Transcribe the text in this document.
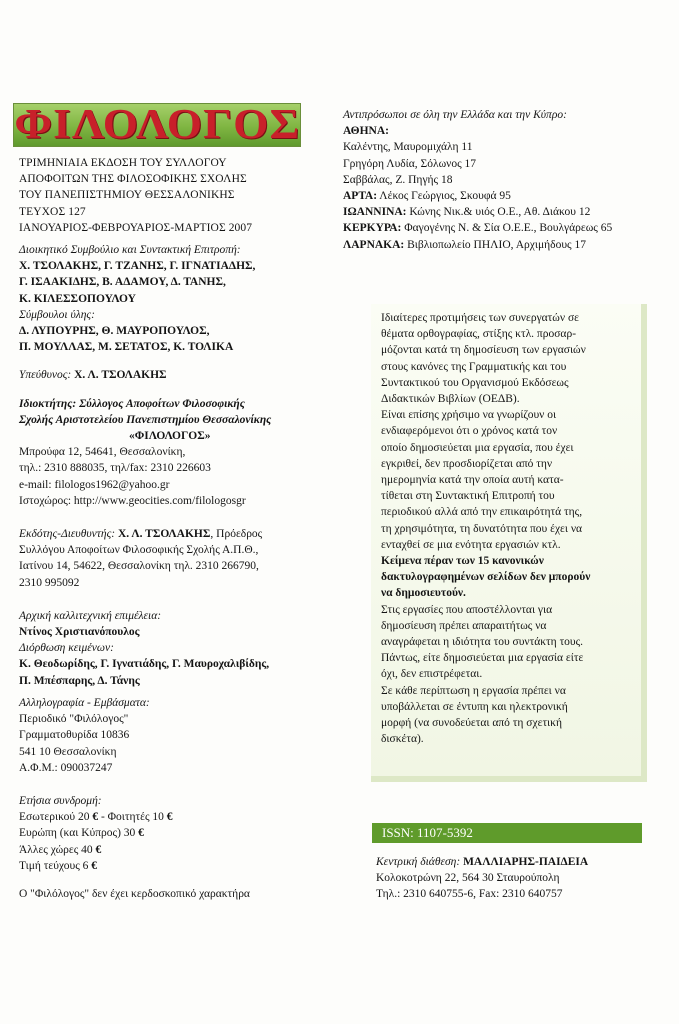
ΦΙΛΟΛΟΓΟΣ
ΤΡΙΜΗΝΙΑΙΑ ΕΚΔΟΣΗ ΤΟΥ ΣΥΛΛΟΓΟΥ
ΑΠΟΦΟΙΤΩΝ ΤΗΣ ΦΙΛΟΣΟΦΙΚΗΣ ΣΧΟΛΗΣ
ΤΟΥ ΠΑΝΕΠΙΣΤΗΜΙΟΥ ΘΕΣΣΑΛΟΝΙΚΗΣ
ΤΕΥΧΟΣ 127
ΙΑΝΟΥΑΡΙΟΣ-ΦΕΒΡΟΥΑΡΙΟΣ-ΜΑΡΤΙΟΣ 2007
Διοικητικό Συμβούλιο και Συντακτική Επιτροπή:
Χ. ΤΣΟΛΑΚΗΣ, Γ. ΤΖΑΝΗΣ, Γ. ΙΓΝΑΤΙΑΔΗΣ,
Γ. ΙΣΑΑΚΙΔΗΣ, Β. ΑΔΑΜΟΥ, Δ. ΤΑΝΗΣ,
Κ. ΚΙΛΕΣΣΟΠΟΥΛΟΥ
Σύμβουλοι ύλης:
Δ. ΛΥΠΟΥΡΗΣ, Θ. ΜΑΥΡΟΠΟΥΛΟΣ,
Π. ΜΟΥΛΛΑΣ, Μ. ΣΕΤΑΤΟΣ, Κ. ΤΟΛΙΚΑ
Υπεύθυνος: Χ. Λ. ΤΣΟΛΑΚΗΣ
Ιδιοκτήτης: Σύλλογος Αποφοίτων Φιλοσοφικής
Σχολής Αριστοτελείου Πανεπιστημίου Θεσσαλονίκης
«ΦΙΛΟΛΟΓΟΣ»
Μπρούφα 12, 54641, Θεσσαλονίκη,
τηλ.: 2310 888035, τηλ/fax: 2310 226603
e-mail: filologos1962@yahoo.gr
Ιστοχώρος: http://www.geocities.com/filologosgr
Εκδότης-Διευθυντής: Χ. Λ. ΤΣΟΛΑΚΗΣ, Πρόεδρος
Συλλόγου Αποφοίτων Φιλοσοφικής Σχολής Α.Π.Θ.,
Ιατίνου 14, 54622, Θεσσαλονίκη τηλ. 2310 266790,
2310 995092
Αρχική καλλιτεχνική επιμέλεια:
Ντίνος Χριστιανόπουλος
Διόρθωση κειμένων:
Κ. Θεοδωρίδης, Γ. Ιγνατιάδης, Γ. Μαυροχαλιβίδης,
Π. Μπέσπαρης, Δ. Τάνης
Αλληλογραφία - Εμβάσματα:
Περιοδικό "Φιλόλογος"
Γραμματοθυρίδα 10836
541 10 Θεσσαλονίκη
Α.Φ.Μ.: 090037247
Ετήσια συνδρομή:
Εσωτερικού 20 € - Φοιτητές 10 €
Ευρώπη (και Κύπρος) 30 €
Άλλες χώρες 40 €
Τιμή τεύχους 6 €
Ο "Φιλόλογος" δεν έχει κερδοσκοπικό χαρακτήρα
Αντιπρόσωποι σε όλη την Ελλάδα και την Κύπρο:
ΑΘΗΝΑ:
Καλέντης, Μαυρομιχάλη 11
Γρηγόρη Λυδία, Σόλωνος 17
Σαββάλας, Ζ. Πηγής 18
ΑΡΤΑ: Λέκος Γεώργιος, Σκουφά 95
ΙΩΑΝΝΙΝΑ: Κώνης Νικ.& υιός Ο.Ε., Αθ. Διάκου 12
ΚΕΡΚΥΡΑ: Φαγογένης Ν. & Σία Ο.Ε.Ε., Βουλγάρεως 65
ΛΑΡΝΑΚΑ: Βιβλιοπωλείο ΠΗΛΙΟ, Αρχιμήδους 17
Ιδιαίτερες προτιμήσεις των συνεργατών σε
θέματα ορθογραφίας, στίξης κτλ. προσαρ-
μόζονται κατά τη δημοσίευση των εργασιών
στους κανόνες της Γραμματικής και του
Συντακτικού του Οργανισμού Εκδόσεως
Διδακτικών Βιβλίων (ΟΕΔΒ).
Είναι επίσης χρήσιμο να γνωρίζουν οι
ενδιαφερόμενοι ότι ο χρόνος κατά τον
οποίο δημοσιεύεται μια εργασία, που έχει
εγκριθεί, δεν προσδιορίζεται από την
ημερομηνία κατά την οποία αυτή κατα-
τίθεται στη Συντακτική Επιτροπή του
περιοδικού αλλά από την επικαιρότητά της,
τη χρησιμότητα, τη δυνατότητα που έχει να
ενταχθεί σε μια ενότητα εργασιών κτλ.
Κείμενα πέραν των 15 κανονικών
δακτυλογραφημένων σελίδων δεν μπορούν
να δημοσιευτούν.
Στις εργασίες που αποστέλλονται για
δημοσίευση πρέπει απαραιτήτως να
αναγράφεται η ιδιότητα του συντάκτη τους.
Πάντως, είτε δημοσιεύεται μια εργασία είτε
όχι, δεν επιστρέφεται.
Σε κάθε περίπτωση η εργασία πρέπει να
υποβάλλεται σε έντυπη και ηλεκτρονική
μορφή (να συνοδεύεται από τη σχετική
δισκέτα).
ISSN: 1107-5392
Κεντρική διάθεση: ΜΑΛΛΙΑΡΗΣ-ΠΑΙΔΕΙΑ
Κολοκοτρώνη 22, 564 30 Σταυρούπολη
Τηλ.: 2310 640755-6, Fax: 2310 640757
